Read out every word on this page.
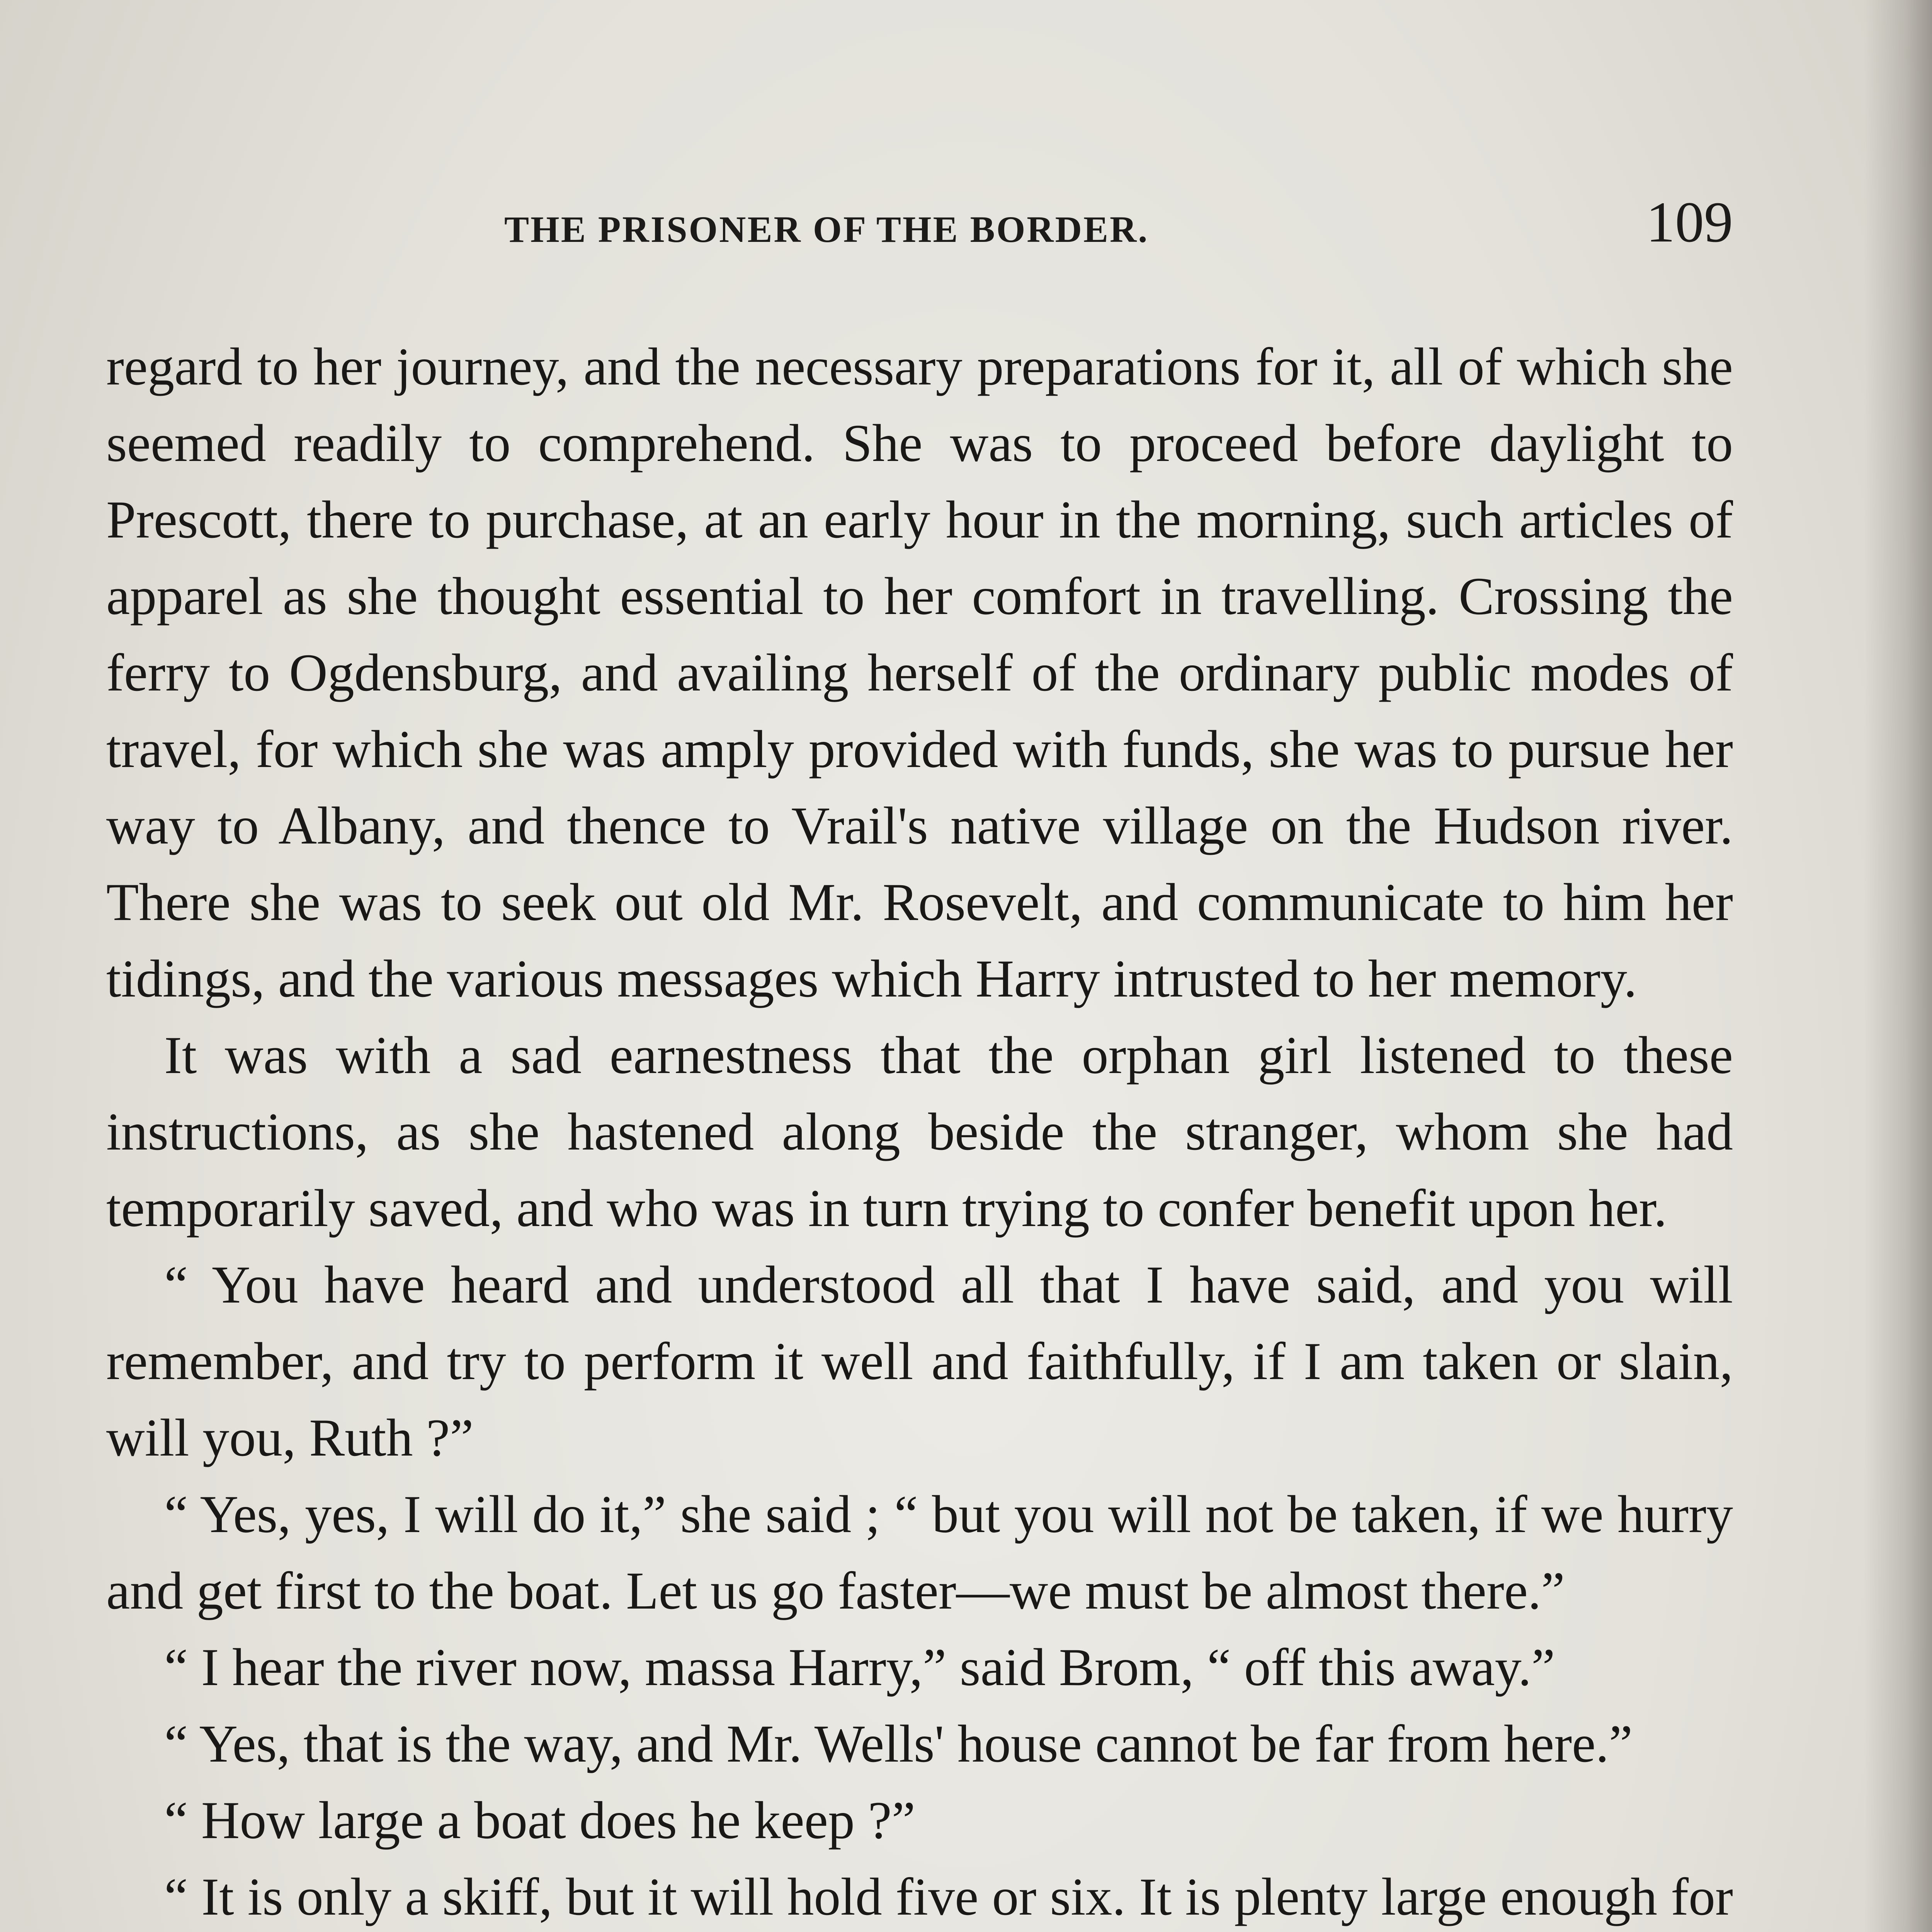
THE PRISONER OF THE BORDER.	109

regard to her journey, and the necessary preparations for it, all of which she seemed readily to comprehend. She was to proceed before daylight to Prescott, there to purchase, at an early hour in the morning, such articles of apparel as she thought essential to her comfort in travelling. Crossing the ferry to Ogdensburg, and availing herself of the ordinary public modes of travel, for which she was amply provided with funds, she was to pursue her way to Albany, and thence to Vrail's native village on the Hudson river. There she was to seek out old Mr. Rosevelt, and communicate to him her tidings, and the various messages which Harry intrusted to her memory.

It was with a sad earnestness that the orphan girl listened to these instructions, as she hastened along beside the stranger, whom she had temporarily saved, and who was in turn trying to confer benefit upon her.

“ You have heard and understood all that I have said, and you will remember, and try to perform it well and faithfully, if I am taken or slain, will you, Ruth ?”

“ Yes, yes, I will do it,” she said ; “ but you will not be taken, if we hurry and get first to the boat. Let us go faster—we must be almost there.”

“ I hear the river now, massa Harry,” said Brom, “ off this away.”

“ Yes, that is the way, and Mr. Wells' house cannot be far from here.”

“ How large a boat does he keep ?”

“ It is only a skiff, but it will hold five or six. It is plenty large enough for
